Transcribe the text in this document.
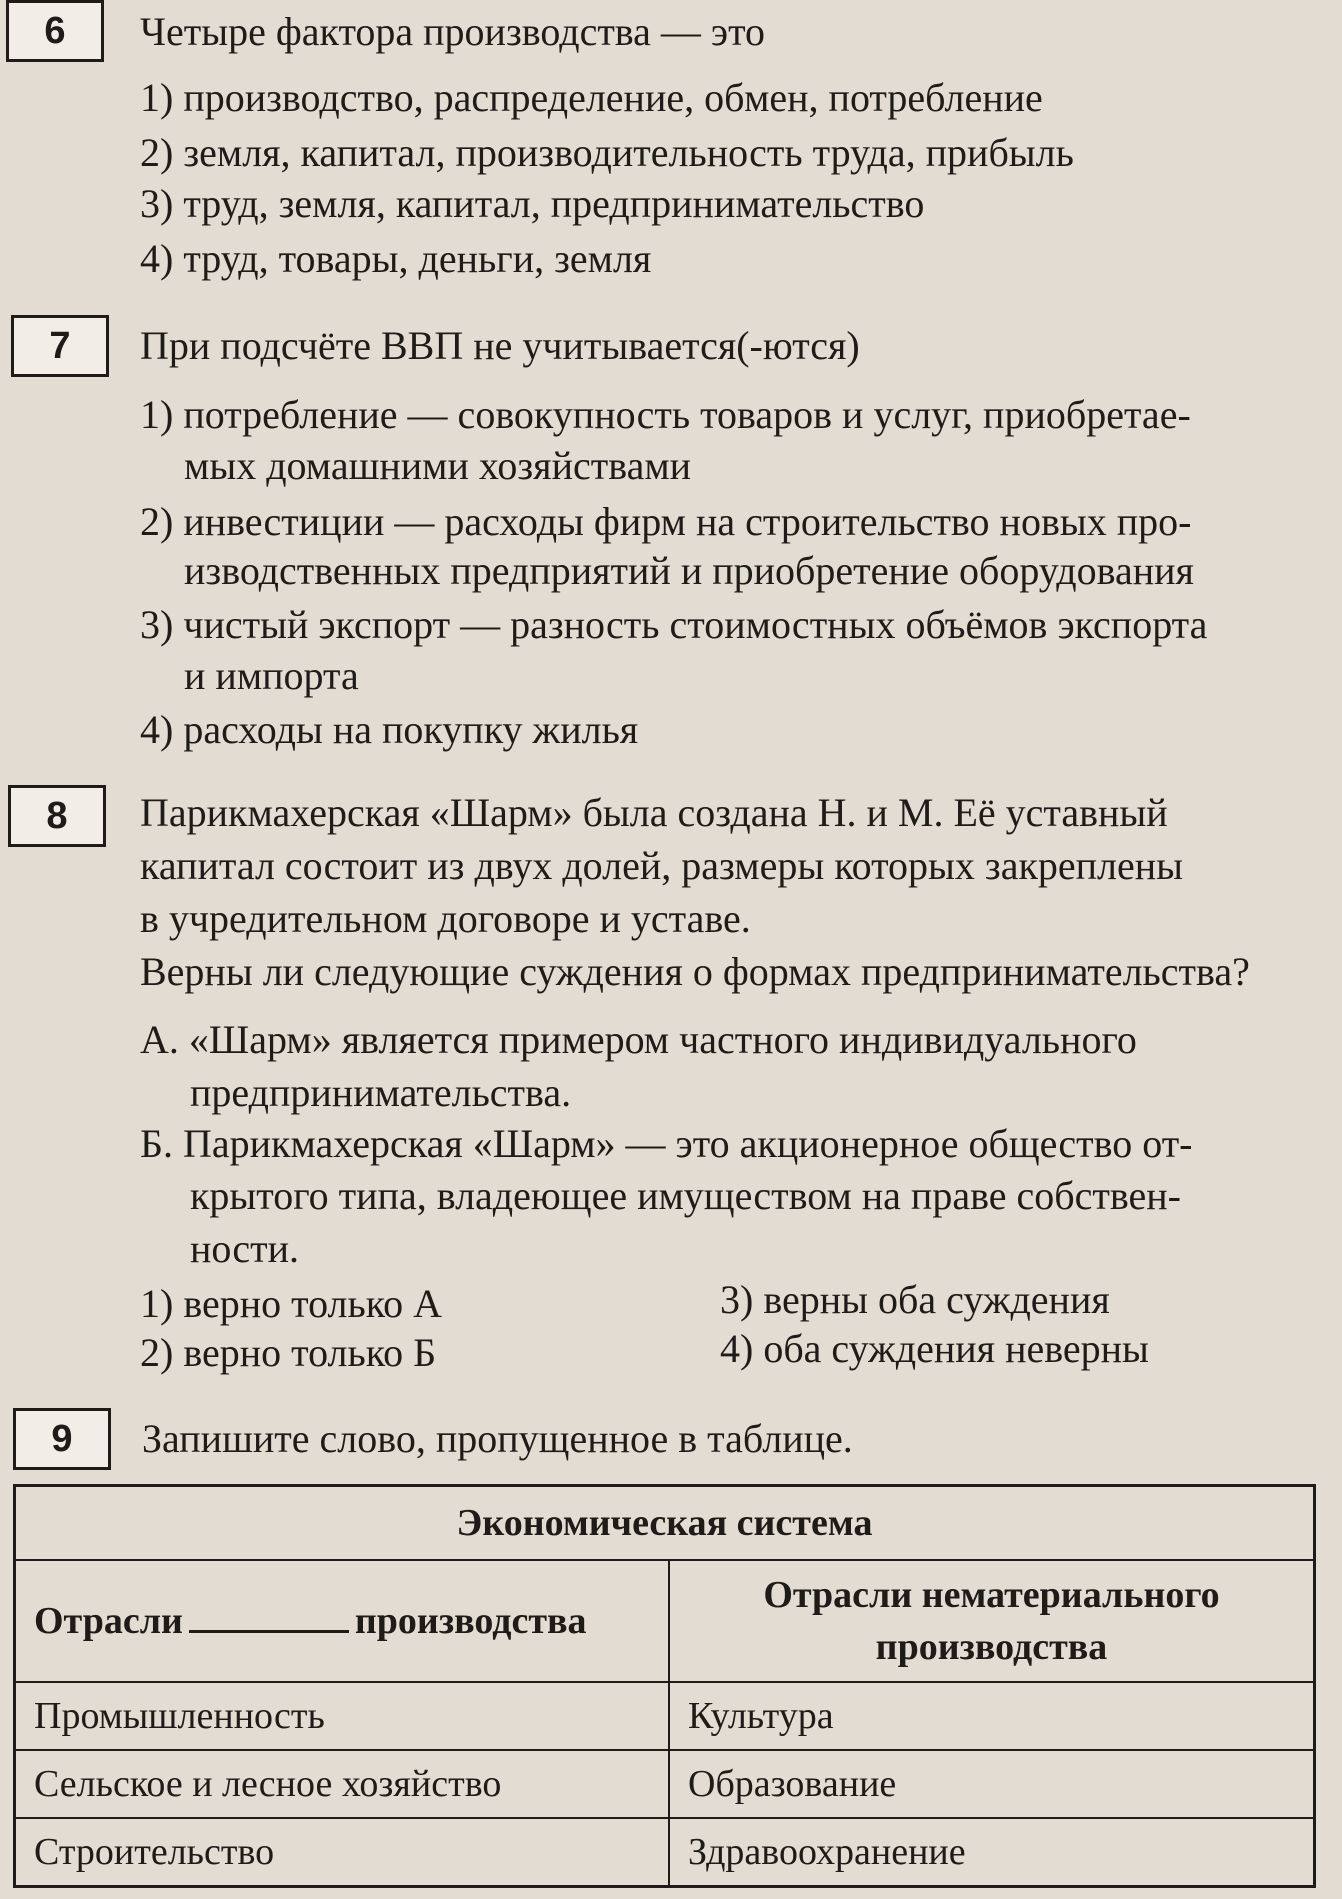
6	Четыре фактора производства — это
1) производство, распределение, обмен, потребление
2) земля, капитал, производительность труда, прибыль
3) труд, земля, капитал, предпринимательство
4) труд, товары, деньги, земля
7	При подсчёте ВВП не учитывается(-ются)
1) потребление — совокупность товаров и услуг, приобретае-
мых домашними хозяйствами
2) инвестиции — расходы фирм на строительство новых про-
изводственных предприятий и приобретение оборудования
3) чистый экспорт — разность стоимостных объёмов экспорта
и импорта
4) расходы на покупку жилья
8	Парикмахерская «Шарм» была создана Н. и М. Её уставный
капитал состоит из двух долей, размеры которых закреплены
в учредительном договоре и уставе.
Верны ли следующие суждения о формах предпринимательства?
А. «Шарм» является примером частного индивидуального
предпринимательства.
Б. Парикмахерская «Шарм» — это акционерное общество от-
крытого типа, владеющее имуществом на праве собствен-
ности.
1) верно только А	3) верны оба суждения
2) верно только Б	4) оба суждения неверны
9	Запишите слово, пропущенное в таблице.
Экономическая система	
Отрасли производства	Отрасли нематериального
производства

Промышленность	Культура
Сельское и лесное хозяйство	Образование
Строительство	Здравоохранение
